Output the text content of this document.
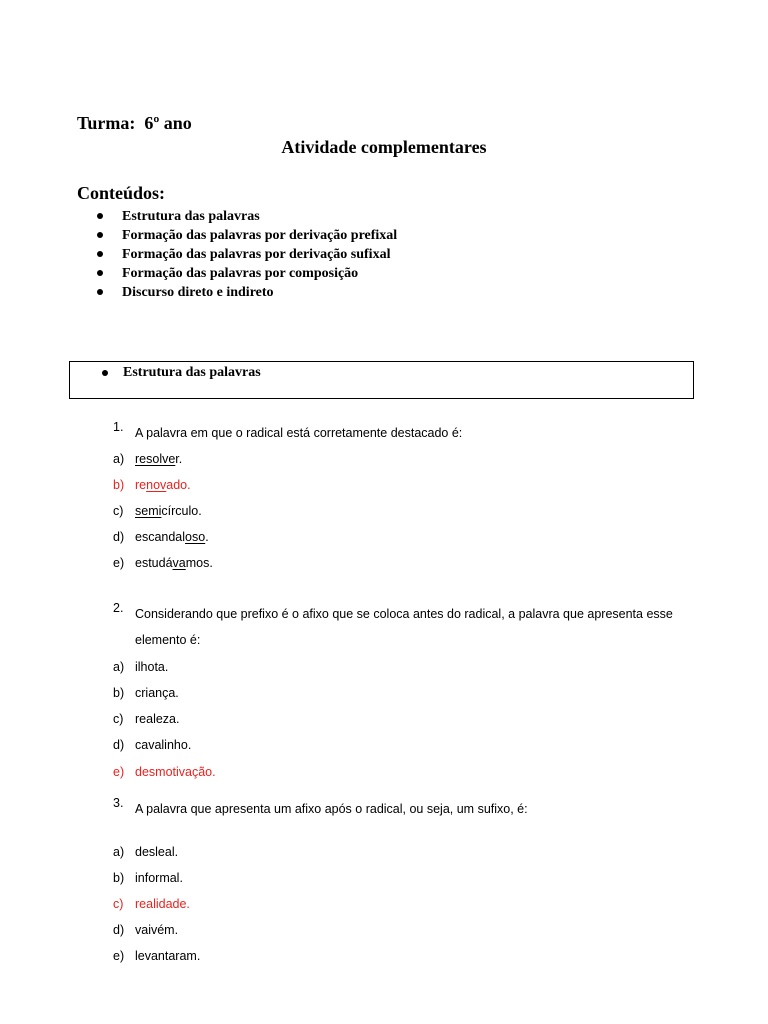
Turma:  6º ano
Atividade complementares
Conteúdos:
Estrutura das palavras
Formação das palavras por derivação prefixal
Formação das palavras por derivação sufixal
Formação das palavras por composição
Discurso direto e indireto
Estrutura das palavras
1. A palavra em que o radical está corretamente destacado é:
a) resolver.
b) renovado.
c) semicírculo.
d) escandaloso.
e) estudávamos.
2. Considerando que prefixo é o afixo que se coloca antes do radical, a palavra que apresenta esse elemento é:
a) ilhota.
b) criança.
c) realeza.
d) cavalinho.
e) desmotivação.
3. A palavra que apresenta um afixo após o radical, ou seja, um sufixo, é:
a) desleal.
b) informal.
c) realidade.
d) vaivém.
e) levantaram.
